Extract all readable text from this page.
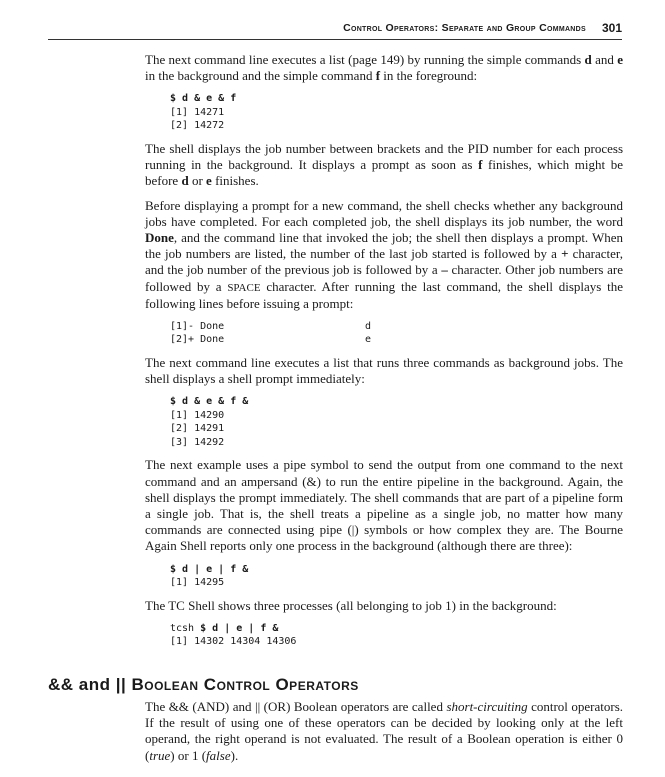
Control Operators: Separate and Group Commands 301

The next command line executes a list (page 149) by running the simple commands d and e in the background and the simple command f in the foreground:

$ d & e & f
[1] 14271
[2] 14272

The shell displays the job number between brackets and the PID number for each process running in the background. It displays a prompt as soon as f finishes, which might be before d or e finishes.

Before displaying a prompt for a new command, the shell checks whether any background jobs have completed. For each completed job, the shell displays its job number, the word Done, and the command line that invoked the job; the shell then displays a prompt. When the job numbers are listed, the number of the last job started is followed by a + character, and the job number of the previous job is followed by a – character. Other job numbers are followed by a SPACE character. After running the last command, the shell displays the following lines before issuing a prompt:

[1]- Done	d
[2]+ Done	e

The next command line executes a list that runs three commands as background jobs. The shell displays a shell prompt immediately:

$ d & e & f &
[1] 14290
[2] 14291
[3] 14292

The next example uses a pipe symbol to send the output from one command to the next command and an ampersand (&) to run the entire pipeline in the background. Again, the shell displays the prompt immediately. The shell commands that are part of a pipeline form a single job. That is, the shell treats a pipeline as a single job, no matter how many commands are connected using pipe (|) symbols or how complex they are. The Bourne Again Shell reports only one process in the background (although there are three):

$ d | e | f &
[1] 14295

The TC Shell shows three processes (all belonging to job 1) in the background:

tcsh $ d | e | f &
[1] 14302 14304 14306
&& and || Boolean Control Operators

The && (AND) and || (OR) Boolean operators are called short-circuiting control operators. If the result of using one of these operators can be decided by looking only at the left operand, the right operand is not evaluated. The result of a Boolean operation is either 0 (true) or 1 (false).
